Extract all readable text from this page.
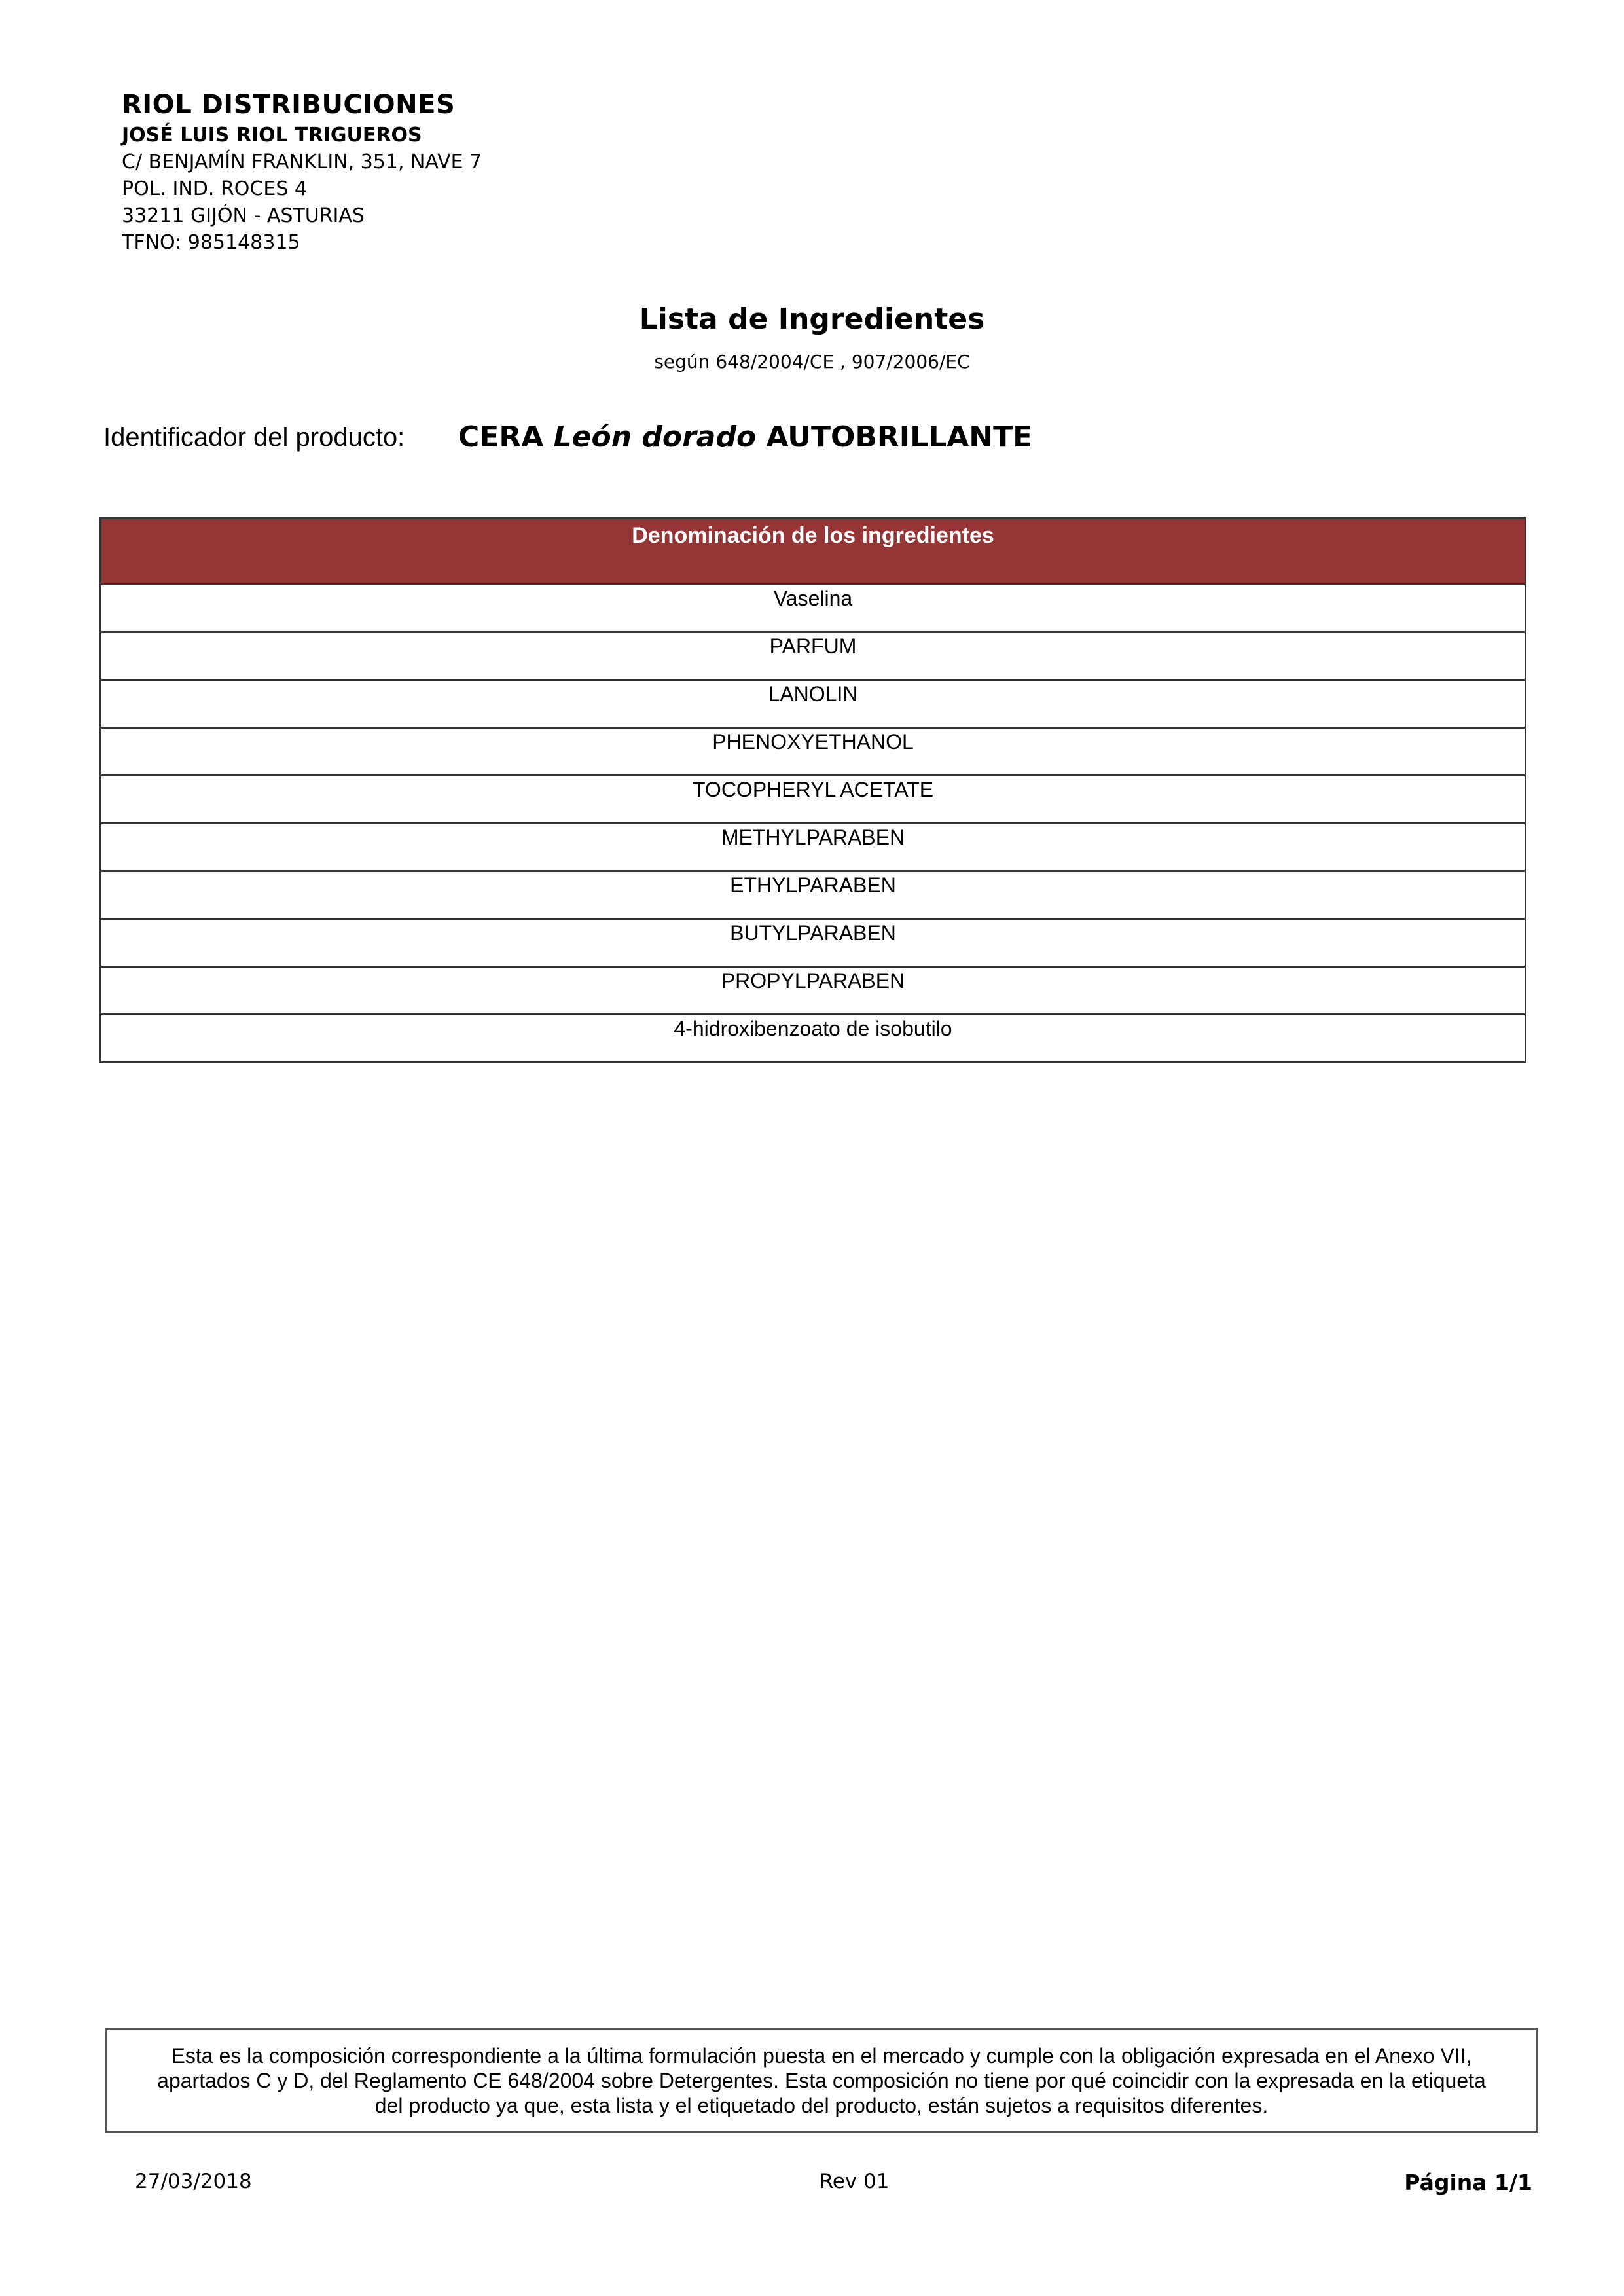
RIOL DISTRIBUCIONES
JOSÉ LUIS RIOL TRIGUEROS
C/ BENJAMÍN FRANKLIN, 351, NAVE 7
POL. IND. ROCES 4
33211 GIJÓN - ASTURIAS
TFNO: 985148315
Lista de Ingredientes
según 648/2004/CE , 907/2006/EC
Identificador del producto: CERA León dorado AUTOBRILLANTE
Denominación de los ingredientes
Vaselina
PARFUM
LANOLIN
PHENOXYETHANOL
TOCOPHERYL ACETATE
METHYLPARABEN
ETHYLPARABEN
BUTYLPARABEN
PROPYLPARABEN
4-hidroxibenzoato de isobutilo
Esta es la composición correspondiente a la última formulación puesta en el mercado y cumple con la obligación expresada en el Anexo VII,
apartados C y D, del Reglamento CE 648/2004 sobre Detergentes. Esta composición no tiene por qué coincidir con la expresada en la etiqueta
del producto ya que, esta lista y el etiquetado del producto, están sujetos a requisitos diferentes.
27/03/2018	Rev 01	Página 1/1
